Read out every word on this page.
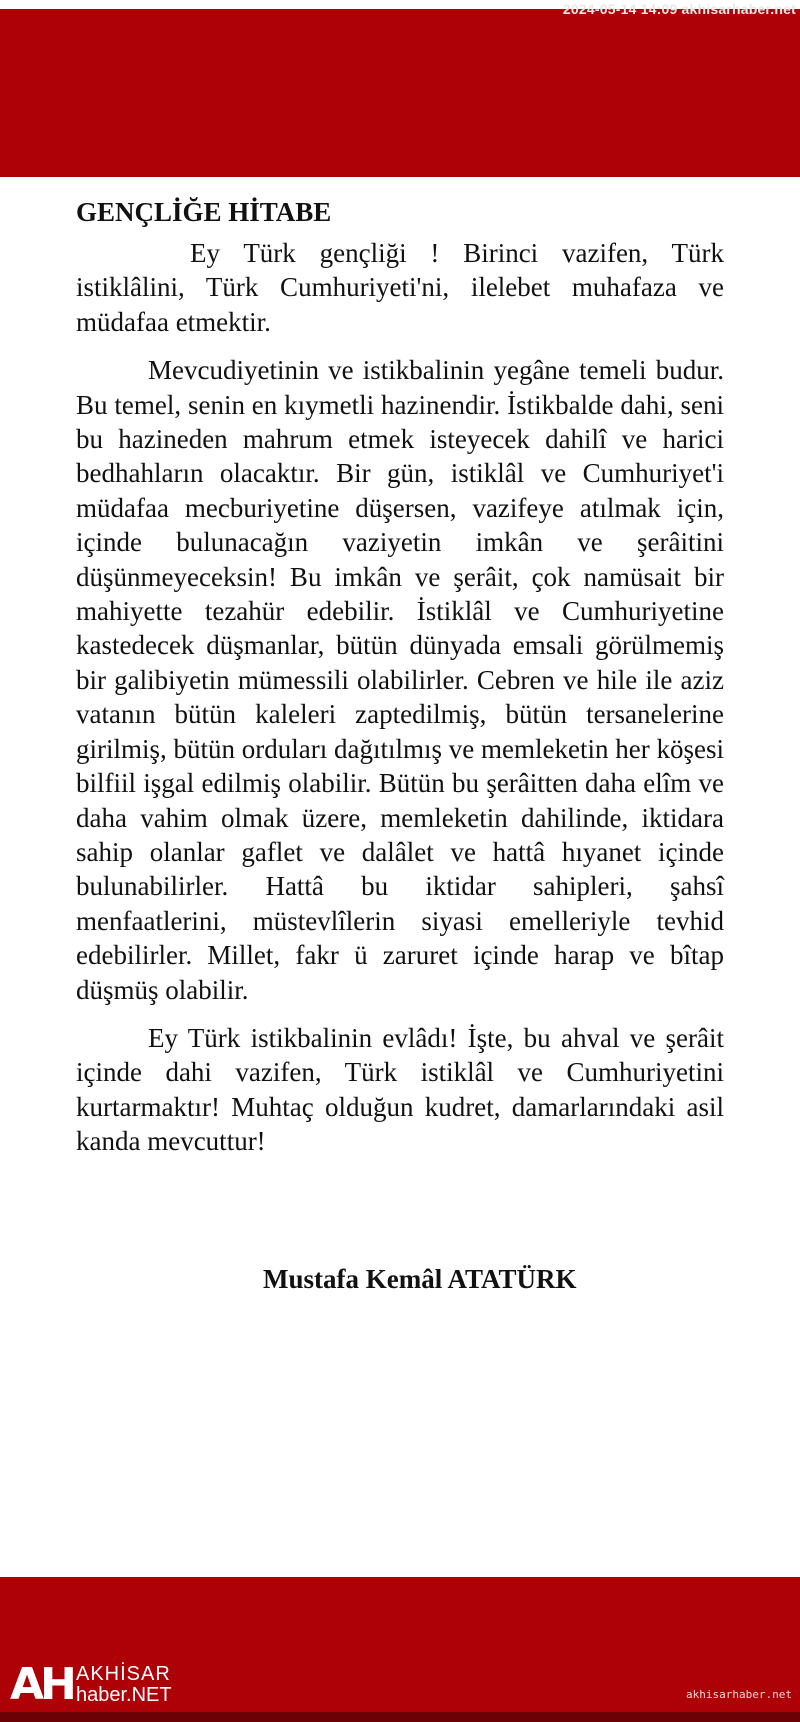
2024-05-14 14:09 akhisarhaber.net
GENÇLİĞE HİTABE

Ey Türk gençliği ! Birinci vazifen, Türk istiklâlini, Türk Cumhuriyeti'ni, ilelebet muhafaza ve müdafaa etmektir.

Mevcudiyetinin ve istikbalinin yegâne temeli budur. Bu temel, senin en kıymetli hazinendir. İstikbalde dahi, seni bu hazineden mahrum etmek isteyecek dahilî ve harici bedhahların olacaktır. Bir gün, istiklâl ve Cumhuriyet'i müdafaa mecburiyetine düşersen, vazifeye atılmak için, içinde bulunacağın vaziyetin imkân ve şerâitini düşünmeyeceksin! Bu imkân ve şerâit, çok namüsait bir mahiyette tezahür edebilir. İstiklâl ve Cumhuriyetine kastedecek düşmanlar, bütün dünyada emsali görülmemiş bir galibiyetin mümessili olabilirler. Cebren ve hile ile aziz vatanın bütün kaleleri zaptedilmiş, bütün tersanelerine girilmiş, bütün orduları dağıtılmış ve memleketin her köşesi bilfiil işgal edilmiş olabilir. Bütün bu şerâitten daha elîm ve daha vahim olmak üzere, memleketin dahilinde, iktidara sahip olanlar gaflet ve dalâlet ve hattâ hıyanet içinde bulunabilirler. Hattâ bu iktidar sahipleri, şahsî menfaatlerini, müstevlîlerin siyasi emelleriyle tevhid edebilirler. Millet, fakr ü zaruret içinde harap ve bîtap düşmüş olabilir.

Ey Türk istikbalinin evlâdı! İşte, bu ahval ve şerâit içinde dahi vazifen, Türk istiklâl ve Cumhuriyetini kurtarmaktır! Muhtaç olduğun kudret, damarlarındaki asil kanda mevcuttur!

Mustafa Kemâl ATATÜRK
AH AKHİSAR
haber.NET	akhisarhaber.net
